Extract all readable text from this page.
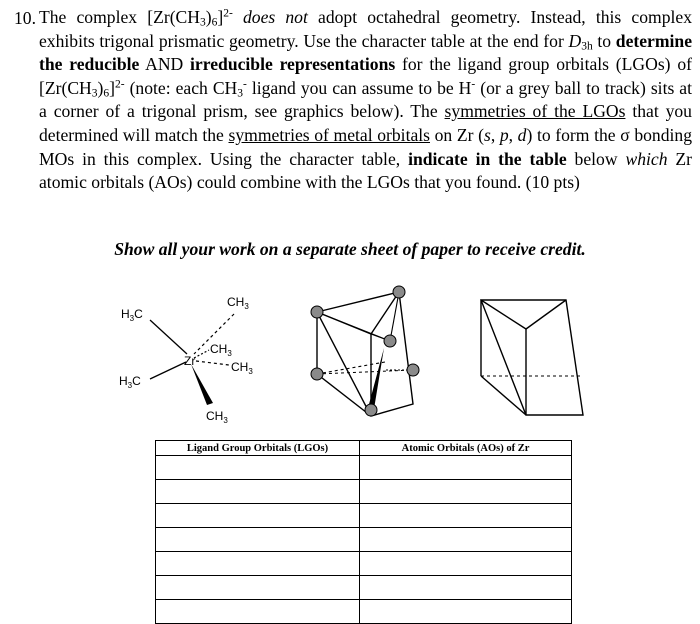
10. The complex $[Zr(CH3)6]^{2-}$ does not adopt octahedral geometry. Instead, this complex exhibits trigonal prismatic geometry. Use the character table at the end for D3h to determine the reducible AND irreducible representations for the ligand group orbitals (LGOs) of $[Zr(CH3)6]^{2-}$ (note: each CH3- ligand you can assume to be H- (or a grey ball to track) sits at a corner of a trigonal prism, see graphics below). The symmetries of the LGOs that you determined will match the symmetries of metal orbitals on Zr (s, p, d) to form the σ bonding MOs in this complex. Using the character table, indicate in the table below which Zr atomic orbitals (AOs) could combine with the LGOs that you found. (10 pts)
Show all your work on a separate sheet of paper to receive credit.
$CH_3$
$H_3C$
$CH_3$
Zr	$CH_3$
$H_3C$
$CH_3$
Ligand Group Orbitals (LGOs)	Atomic Orbitals (AOs) of Zr
